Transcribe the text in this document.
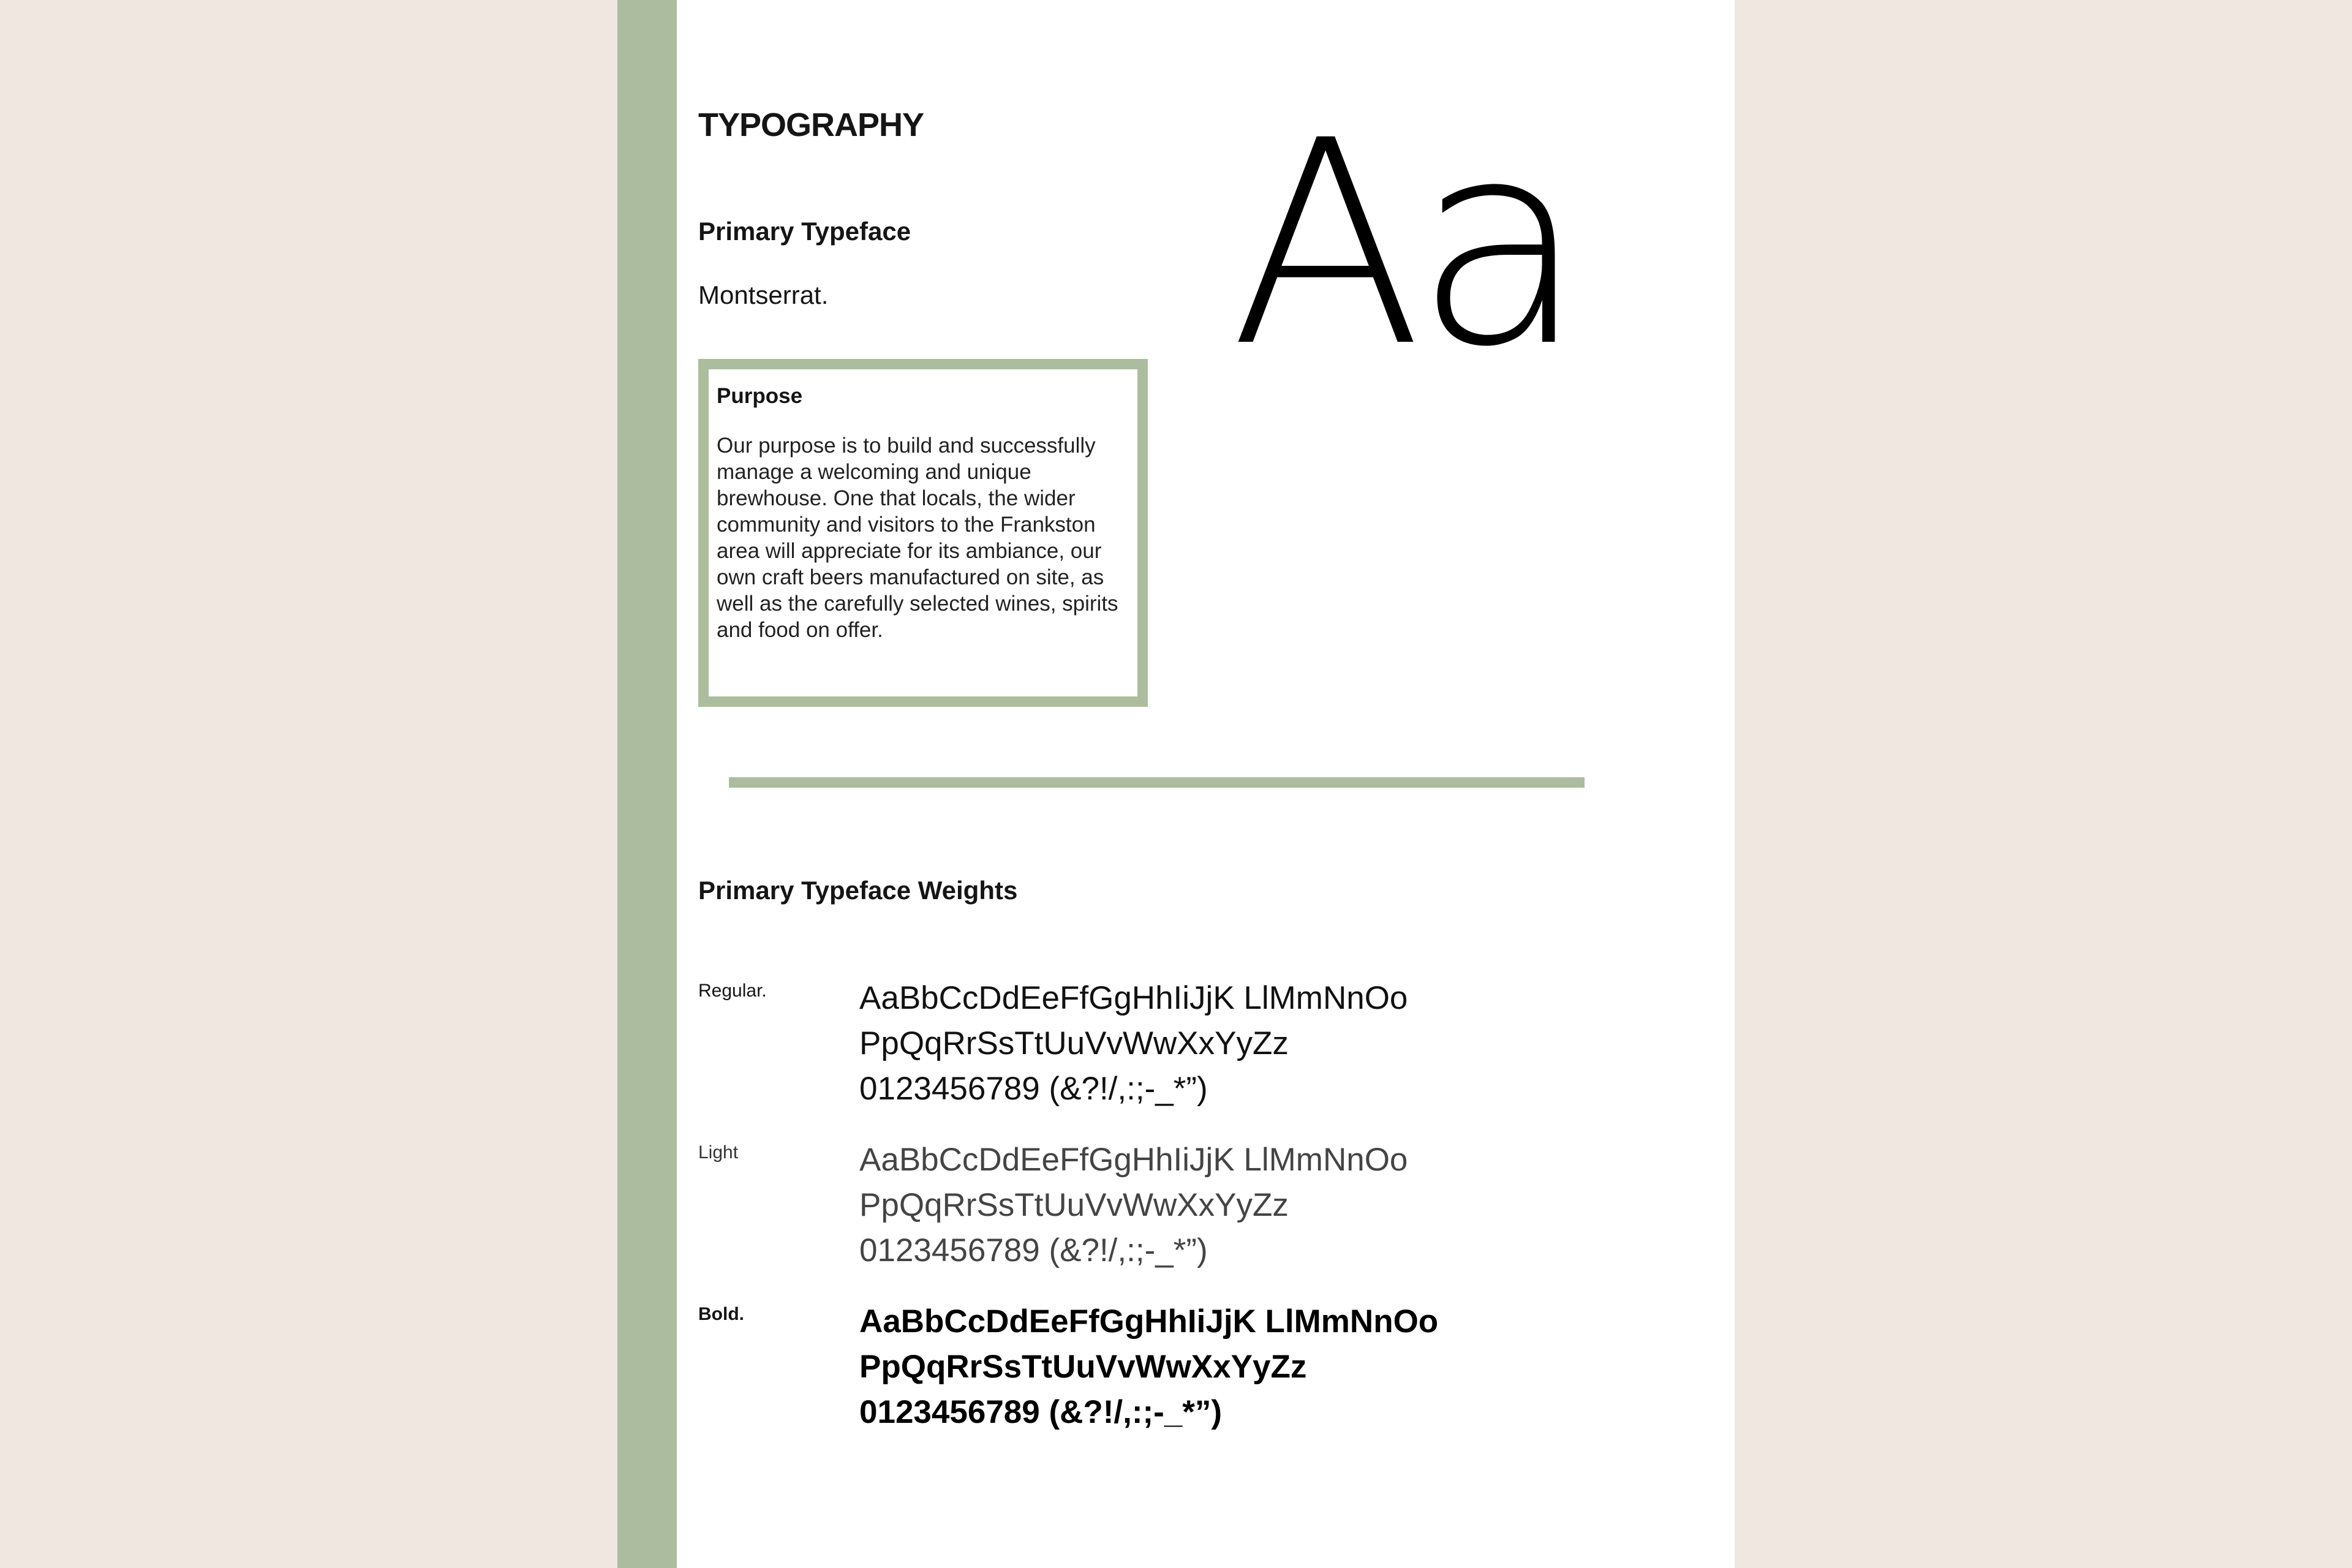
TYPOGRAPHY
Primary Typeface
Montserrat. Aa
Purpose
Our purpose is to build and successfully manage a welcoming and unique brewhouse. One that locals, the wider community and visitors to the Frankston area will appreciate for its ambiance, our own craft beers manufactured on site, as well as the carefully selected wines, spirits and food on offer.
Primary Typeface Weights
Regular.	AaBbCcDdEeFfGgHhIiJjK LlMmNnOo
PpQqRrSsTtUuVvWwXxYyZz
0123456789 (&?!/,:;-_*”)
Light	AaBbCcDdEeFfGgHhIiJjK LlMmNnOo
PpQqRrSsTtUuVvWwXxYyZz
0123456789 (&?!/,:;-_*”)
Bold.	AaBbCcDdEeFfGgHhIiJjK LlMmNnOo
PpQqRrSsTtUuVvWwXxYyZz
0123456789 (&?!/,:;-_*”)
